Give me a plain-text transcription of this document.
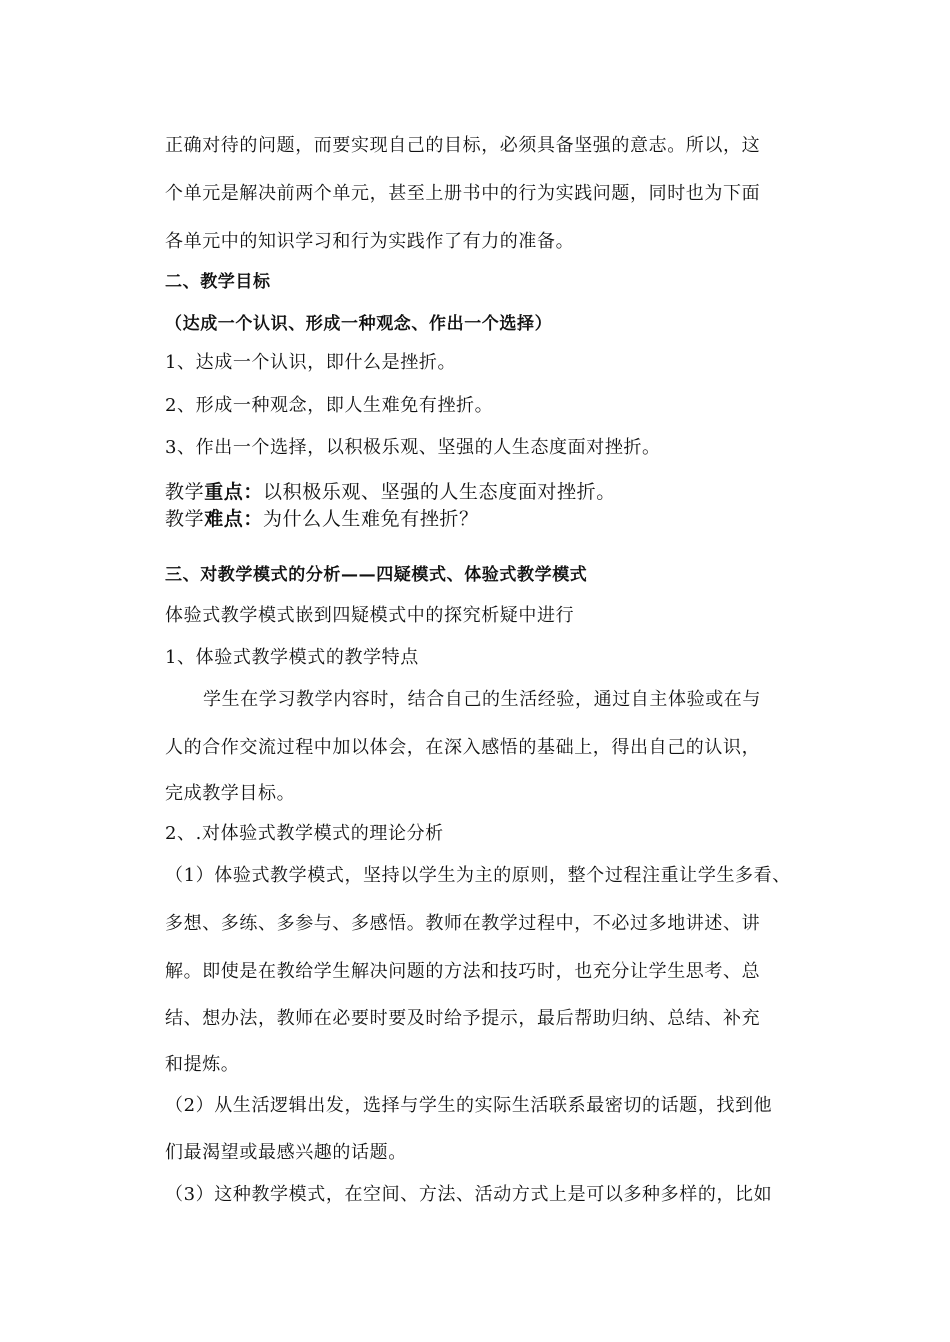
正确对待的问题，而要实现自己的目标，必须具备坚强的意志。所以，这
个单元是解决前两个单元，甚至上册书中的行为实践问题，同时也为下面
各单元中的知识学习和行为实践作了有力的准备。
二、教学目标
（达成一个认识、形成一种观念、作出一个选择）
1、达成一个认识，即什么是挫折。
2、形成一种观念，即人生难免有挫折。
3、作出一个选择，以积极乐观、坚强的人生态度面对挫折。
教学重点：以积极乐观、坚强的人生态度面对挫折。
教学难点：为什么人生难免有挫折？
三、对教学模式的分析——四疑模式、体验式教学模式
体验式教学模式嵌到四疑模式中的探究析疑中进行
1、体验式教学模式的教学特点
学生在学习教学内容时，结合自己的生活经验，通过自主体验或在与
人的合作交流过程中加以体会，在深入感悟的基础上，得出自己的认识，
完成教学目标。
2、.对体验式教学模式的理论分析
（1）体验式教学模式，坚持以学生为主的原则，整个过程注重让学生多看、
多想、多练、多参与、多感悟。教师在教学过程中，不必过多地讲述、讲
解。即使是在教给学生解决问题的方法和技巧时，也充分让学生思考、总
结、想办法，教师在必要时要及时给予提示，最后帮助归纳、总结、补充
和提炼。
（2）从生活逻辑出发，选择与学生的实际生活联系最密切的话题，找到他
们最渴望或最感兴趣的话题。
（3）这种教学模式，在空间、方法、活动方式上是可以多种多样的，比如
